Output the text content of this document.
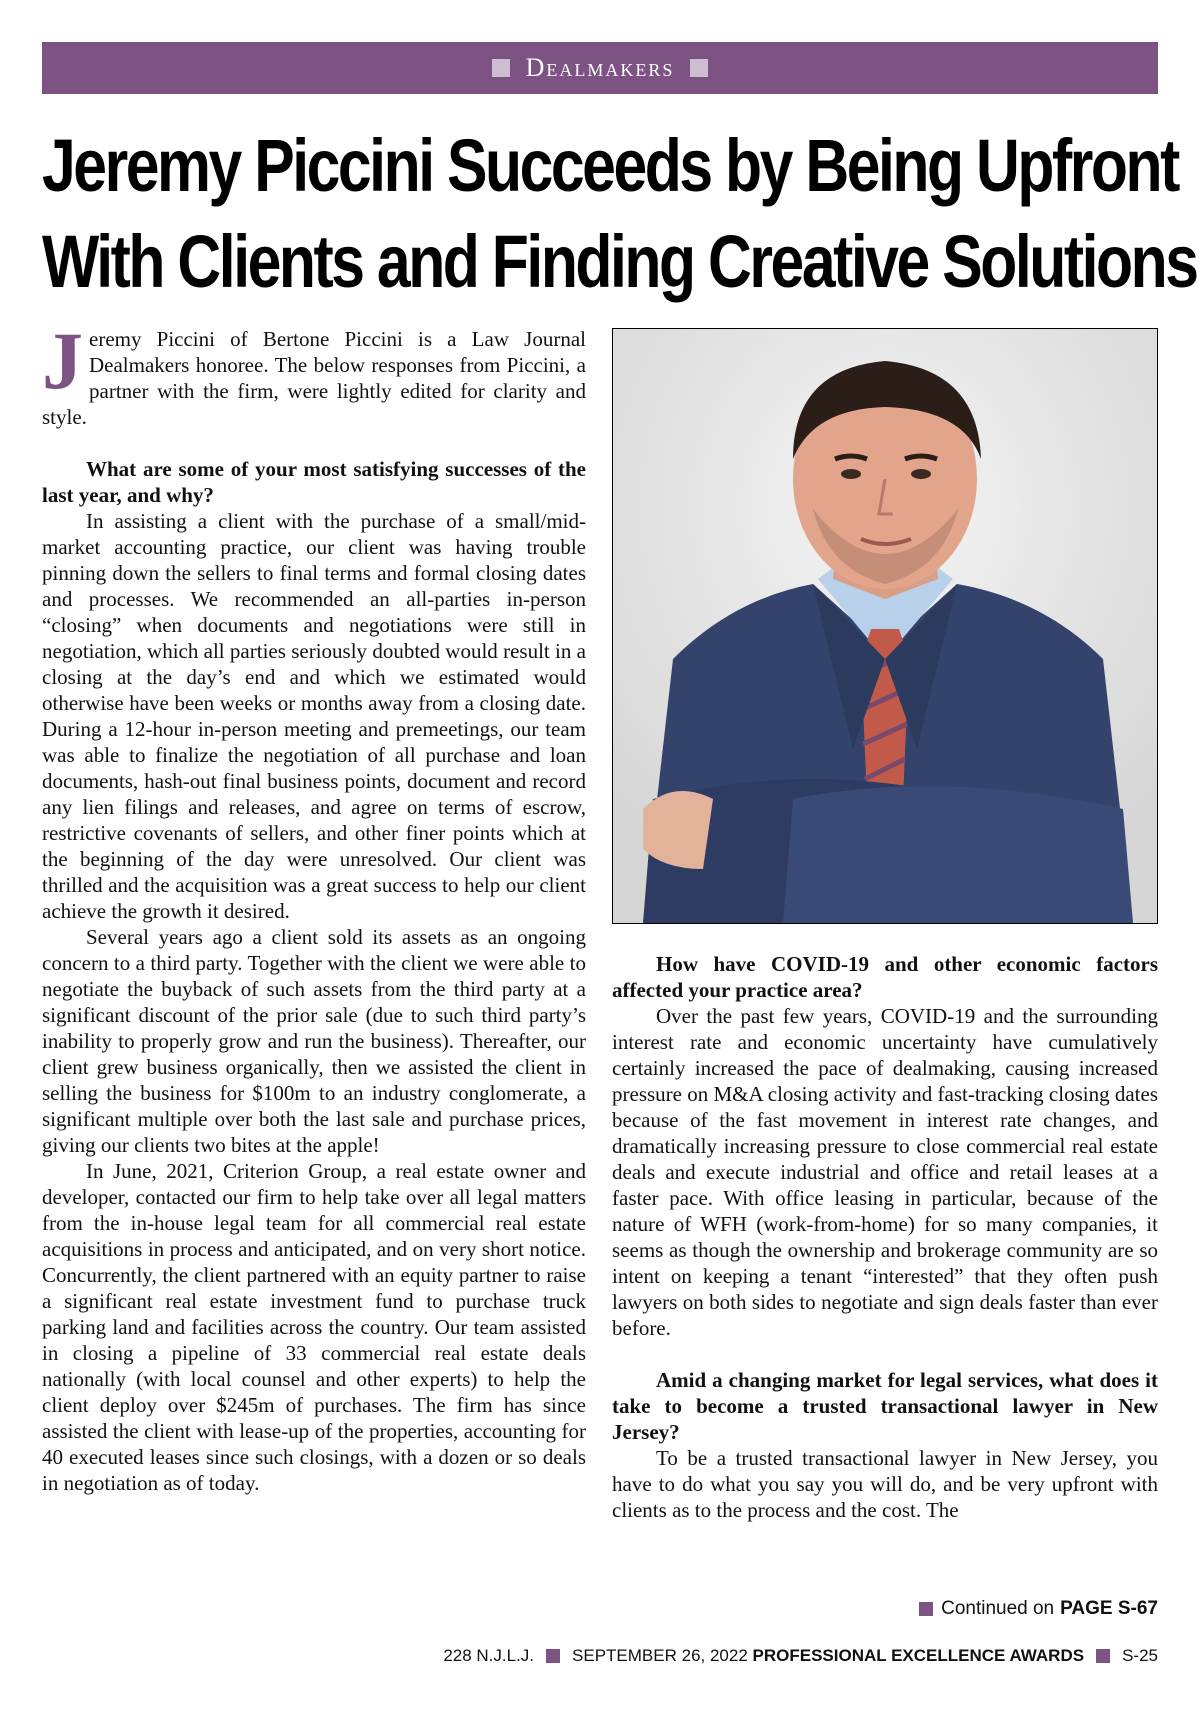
Dealmakers
Jeremy Piccini Succeeds by Being Upfront
With Clients and Finding Creative Solutions

Jeremy Piccini of Bertone Piccini is a Law Journal Dealmakers honoree. The below responses from Piccini, a partner with the firm, were lightly edited for clarity and style.

What are some of your most satisfying successes of the last year, and why?

In assisting a client with the purchase of a small/mid-market accounting practice, our client was having trouble pinning down the sellers to final terms and formal closing dates and processes. We recommended an all-parties in-person “closing” when documents and negotiations were still in negotiation, which all parties seriously doubted would result in a closing at the day’s end and which we estimated would otherwise have been weeks or months away from a closing date. During a 12-hour in-person meeting and premeetings, our team was able to finalize the negotiation of all purchase and loan documents, hash-out final business points, document and record any lien filings and releases, and agree on terms of escrow, restrictive covenants of sellers, and other finer points which at the beginning of the day were unresolved. Our client was thrilled and the acquisition was a great success to help our client achieve the growth it desired.

Several years ago a client sold its assets as an ongoing concern to a third party. Together with the client we were able to negotiate the buyback of such assets from the third party at a significant discount of the prior sale (due to such third party’s inability to properly grow and run the business). Thereafter, our client grew business organically, then we assisted the client in selling the business for $100m to an industry conglomerate, a significant multiple over both the last sale and purchase prices, giving our clients two bites at the apple!

In June, 2021, Criterion Group, a real estate owner and developer, contacted our firm to help take over all legal matters from the in-house legal team for all commercial real estate acquisitions in process and anticipated, and on very short notice. Concurrently, the client partnered with an equity partner to raise a significant real estate investment fund to purchase truck parking land and facilities across the country. Our team assisted in closing a pipeline of 33 commercial real estate deals nationally (with local counsel and other experts) to help the client deploy over $245m of purchases. The firm has since assisted the client with lease-up of the properties, accounting for 40 executed leases since such closings, with a dozen or so deals in negotiation as of today.

How have COVID-19 and other economic factors affected your practice area?

Over the past few years, COVID-19 and the surrounding interest rate and economic uncertainty have cumulatively certainly increased the pace of dealmaking, causing increased pressure on M&A closing activity and fast-tracking closing dates because of the fast movement in interest rate changes, and dramatically increasing pressure to close commercial real estate deals and execute industrial and office and retail leases at a faster pace. With office leasing in particular, because of the nature of WFH (work-from-home) for so many companies, it seems as though the ownership and brokerage community are so intent on keeping a tenant “interested” that they often push lawyers on both sides to negotiate and sign deals faster than ever before.

Amid a changing market for legal services, what does it take to become a trusted transactional lawyer in New Jersey?

To be a trusted transactional lawyer in New Jersey, you have to do what you say you will do, and be very upfront with clients as to the process and the cost. The

Continued on PAGE S-67
228 N.J.L.J. SEPTEMBER 26, 2022
PROFESSIONAL EXCELLENCE AWARDS S-25
